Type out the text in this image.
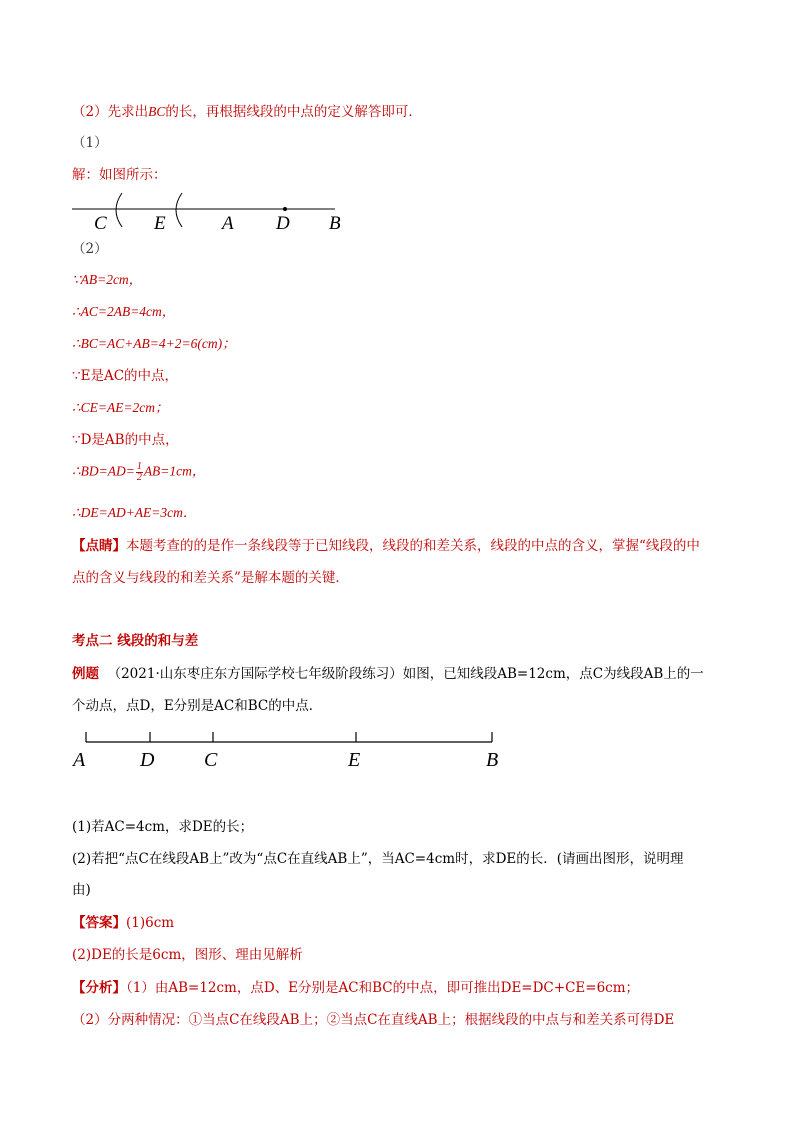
（2）先求出BC的长，再根据线段的中点的定义解答即可．
（1）
解：如图所示：
C E	A D B
（2）
∵AB=2cm，
∴AC=2AB=4cm，
∴BC=AC+AB=4+2=6(cm)；
∵E是AC的中点，
∴CE=AE=2cm；
∵D是AB的中点，
∴BD=AD= $\frac{1}{2} AB=1cm$，
∴DE=AD+AE=3cm．
【点睛】本题考查的的是作一条线段等于已知线段，线段的和差关系，线段的中点的含义，掌握“线段的中
点的含义与线段的和差关系”是解本题的关键．
考点二 线段的和与差
例题 （2021·山东枣庄东方国际学校七年级阶段练习）如图，已知线段AB=12cm，点C为线段AB上的一
个动点，点D，E分别是AC和BC的中点．
A	D C	E	B
(1)若AC=4cm，求DE的长；
(2)若把“点C在线段AB上”改为“点C在直线AB上”，当AC=4cm时，求DE的长．(请画出图形，说明理
由)
【答案】(1)6cm
(2)DE的长是6cm，图形、理由见解析
【分析】（1）由AB=12cm，点D、E分别是AC和BC的中点，即可推出DE=DC+CE=6cm；
（2）分两种情况：①当点C在线段AB上；②当点C在直线AB上；根据线段的中点与和差关系可得DE
